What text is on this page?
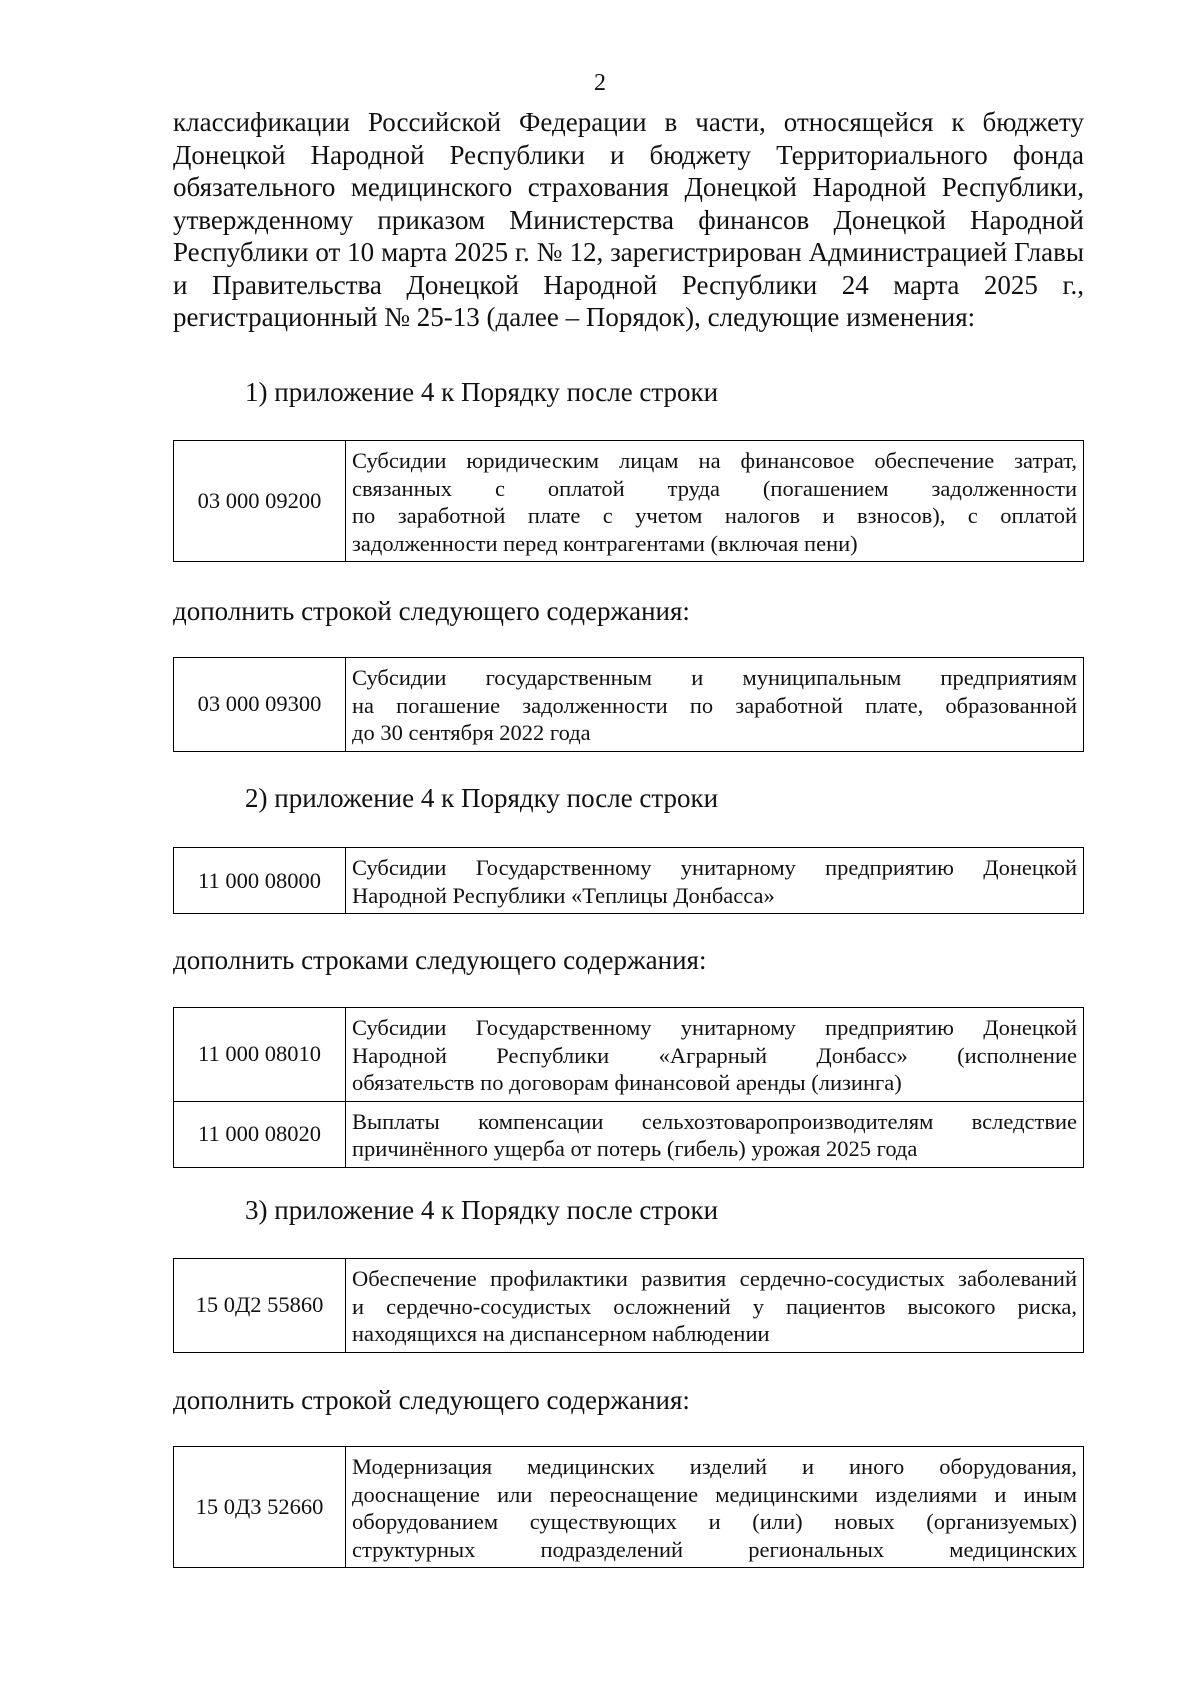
2
классификации Российской Федерации в части, относящейся к бюджету
Донецкой Народной Республики и бюджету Территориального фонда
обязательного медицинского страхования Донецкой Народной Республики,
утвержденному приказом Министерства финансов Донецкой Народной
Республики от 10 марта 2025 г. № 12, зарегистрирован Администрацией Главы
и Правительства Донецкой Народной Республики 24 марта 2025 г.,
регистрационный № 25-13 (далее – Порядок), следующие изменения:
1) приложение 4 к Порядку после строки
03 000 09200	
Субсидии юридическим лицам на финансовое обеспечение затрат,
связанных с оплатой труда (погашением задолженности
по заработной плате с учетом налогов и взносов), с оплатой
задолженности перед контрагентами (включая пени)
дополнить строкой следующего содержания:
03 000 09300	
Субсидии государственным и муниципальным предприятиям
на погашение задолженности по заработной плате, образованной
до 30 сентября 2022 года
2) приложение 4 к Порядку после строки
11 000 08000	Субсидии Государственному унитарному предприятию Донецкой
Народной Республики «Теплицы Донбасса»
дополнить строками следующего содержания:
11 000 08010	Субсидии Государственному унитарному предприятию Донецкой
Народной Республики «Аграрный Донбасс» (исполнение
обязательств по договорам финансовой аренды (лизинга)

11 000 08020	Выплаты компенсации сельхозтоваропроизводителям вследствие
причинённого ущерба от потерь (гибель) урожая 2025 года
3) приложение 4 к Порядку после строки
15 0Д2 55860	
Обеспечение профилактики развития сердечно-сосудистых заболеваний
и сердечно-сосудистых осложнений у пациентов высокого риска,
находящихся на диспансерном наблюдении
дополнить строкой следующего содержания:
15 0Д3 52660	
Модернизация медицинских изделий и иного оборудования,
дооснащение или переоснащение медицинскими изделиями и иным
оборудованием существующих и (или) новых (организуемых)
структурных подразделений региональных медицинских
